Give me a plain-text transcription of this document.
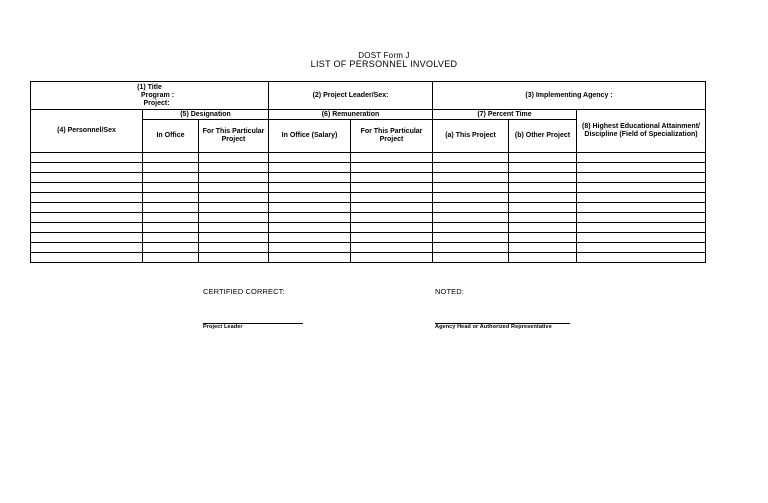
DOST Form J
LIST OF PERSONNEL INVOLVED
(1) Title
Program :
Project:			(2) Project Leader/Sex:		(3) Implementing Agency :		

(4) Personnel/Sex	(5) Designation		(6) Remuneration		(7) Percent Time		(8) Highest Educational Attainment/ Discipline (Field of Specialization)
	In Office	For This Particular Project	In Office (Salary)	For This Particular Project	(a) This Project	(b) Other Project	

CERTIFIED CORRECT:	NOTED:
Project Leader	Agency Head or Authorized Representative
